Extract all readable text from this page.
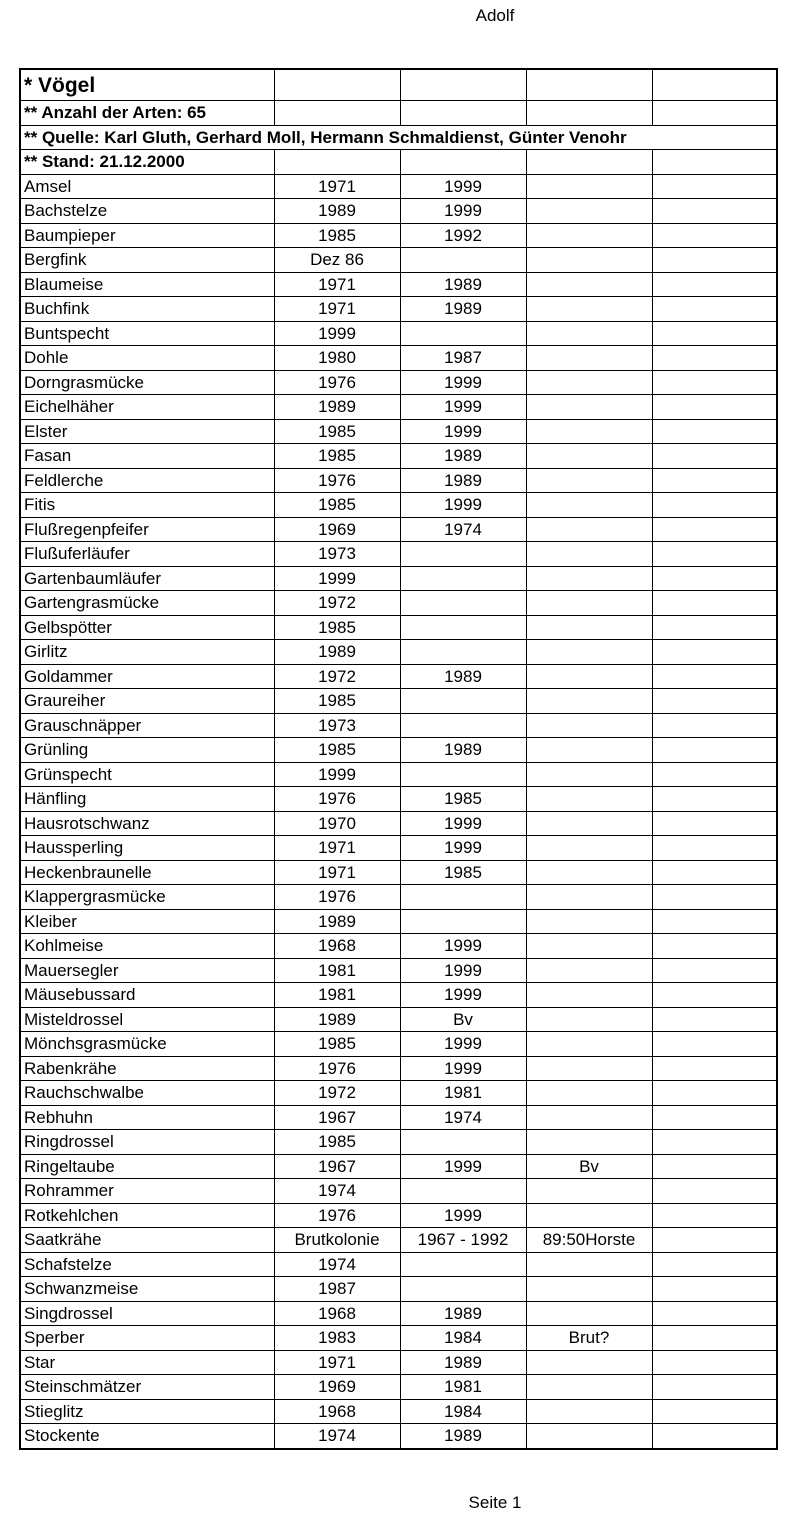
Adolf
* Vögel				
** Anzahl der Arten: 65				
** Quelle: Karl Gluth, Gerhard Moll, Hermann Schmaldienst, Günter Venohr				
** Stand: 21.12.2000				
Amsel	1971	1999		
Bachstelze	1989	1999		
Baumpieper	1985	1992		
Bergfink	Dez 86			
Blaumeise	1971	1989		
Buchfink	1971	1989		
Buntspecht	1999			
Dohle	1980	1987		
Dorngrasmücke	1976	1999		
Eichelhäher	1989	1999		
Elster	1985	1999		
Fasan	1985	1989		
Feldlerche	1976	1989		
Fitis	1985	1999		
Flußregenpfeifer	1969	1974		
Flußuferläufer	1973			
Gartenbaumläufer	1999			
Gartengrasmücke	1972			
Gelbspötter	1985			
Girlitz	1989			
Goldammer	1972	1989		
Graureiher	1985			
Grauschnäpper	1973			
Grünling	1985	1989		
Grünspecht	1999			
Hänfling	1976	1985		
Hausrotschwanz	1970	1999		
Haussperling	1971	1999		
Heckenbraunelle	1971	1985		
Klappergrasmücke	1976			
Kleiber	1989			
Kohlmeise	1968	1999		
Mauersegler	1981	1999		
Mäusebussard	1981	1999		
Misteldrossel	1989	Bv		
Mönchsgrasmücke	1985	1999		
Rabenkrähe	1976	1999		
Rauchschwalbe	1972	1981		
Rebhuhn	1967	1974		
Ringdrossel	1985			
Ringeltaube	1967	1999	Bv	
Rohrammer	1974			
Rotkehlchen	1976	1999		
Saatkrähe	Brutkolonie	1967 - 1992	89:50Horste	
Schafstelze	1974			
Schwanzmeise	1987			
Singdrossel	1968	1989		
Sperber	1983	1984	Brut?	
Star	1971	1989		
Steinschmätzer	1969	1981		
Stieglitz	1968	1984		
Stockente	1974	1989		
Seite 1
